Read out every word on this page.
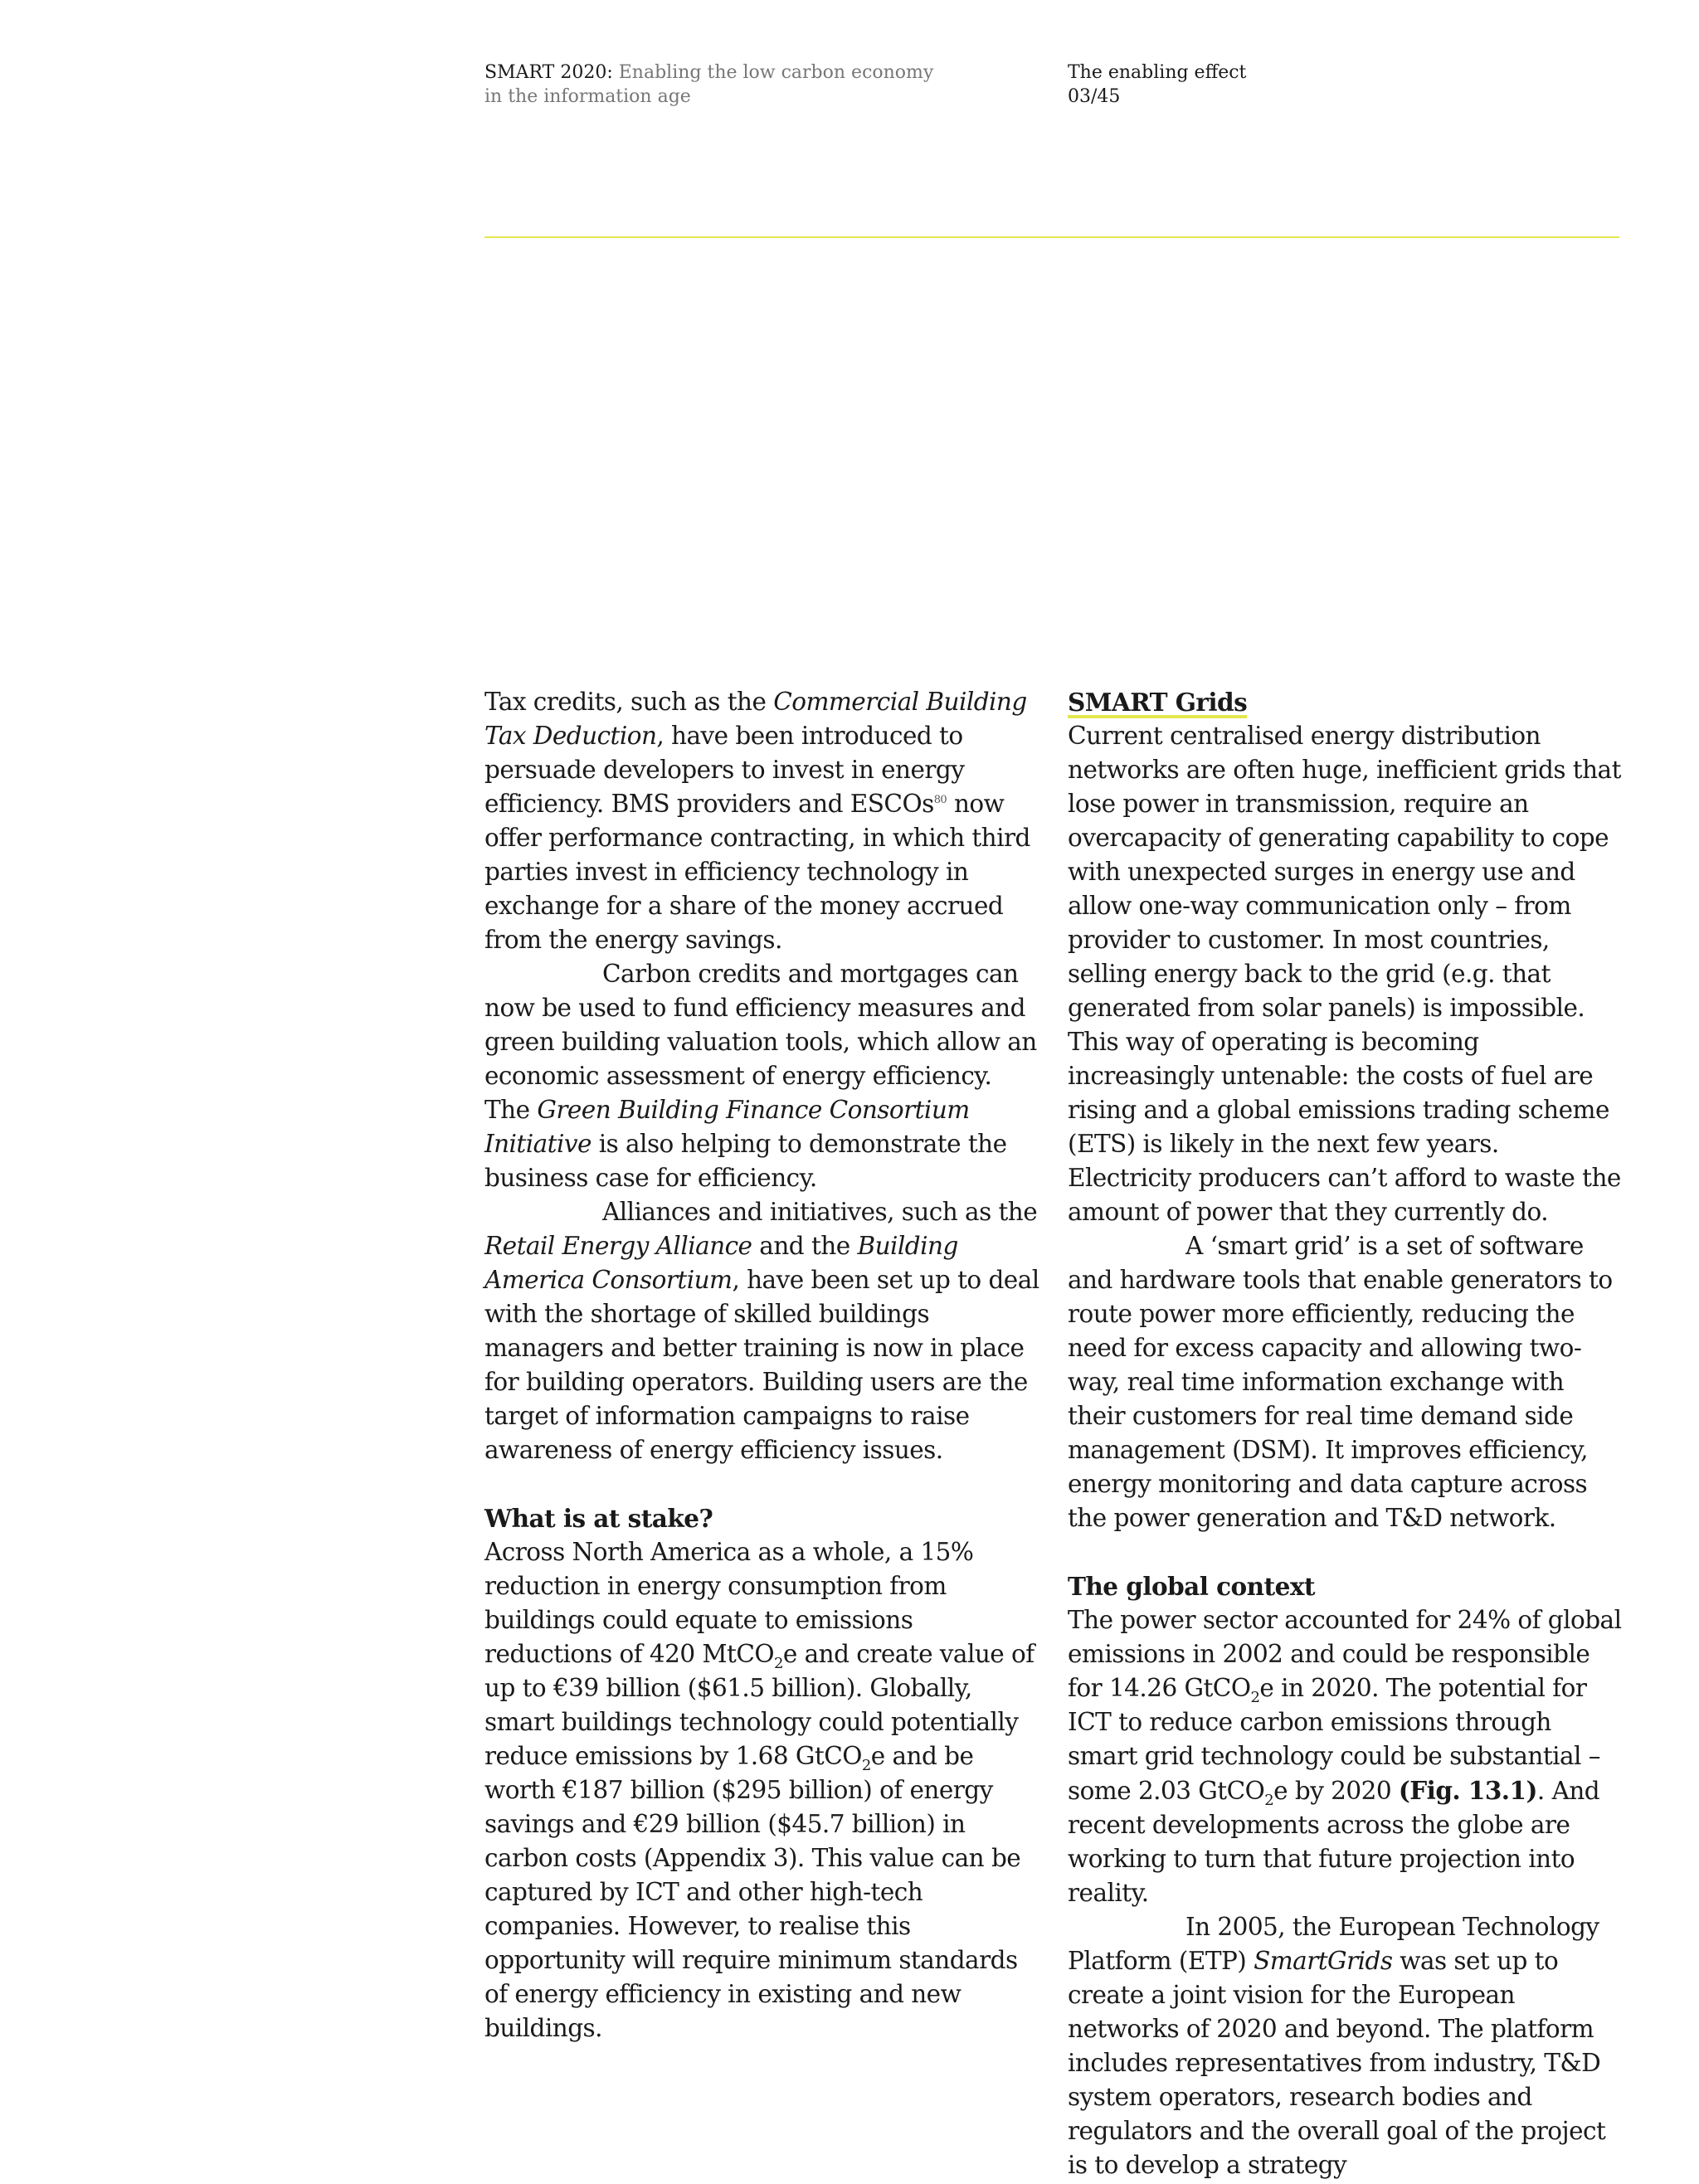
SMART 2020: Enabling the low carbon economy in the information age
The enabling effect
03/45

Tax credits, such as the Commercial Building Tax Deduction, have been introduced to persuade developers to invest in energy efficiency. BMS providers and ESCOs$^{80}$ now offer performance contracting, in which third parties invest in efficiency technology in exchange for a share of the money accrued from the energy savings.

Carbon credits and mortgages can now be used to fund efficiency measures and green building valuation tools, which allow an economic assessment of energy efficiency. The Green Building Finance Consortium Initiative is also helping to demonstrate the business case for efficiency.

Alliances and initiatives, such as the Retail Energy Alliance and the Building America Consortium, have been set up to deal with the shortage of skilled buildings managers and better training is now in place for building operators. Building users are the target of information campaigns to raise awareness of energy efficiency issues.

What is at stake?

Across North America as a whole, a 15% reduction in energy consumption from buildings could equate to emissions reductions of 420 MtCO$_2$e and create value of up to €39 billion ($61.5 billion). Globally, smart buildings technology could potentially reduce emissions by 1.68 GtCO$_2$e and be worth €187 billion ($295 billion) of energy savings and €29 billion ($45.7 billion) in carbon costs (Appendix 3). This value can be captured by ICT and other high-tech companies. However, to realise this opportunity will require minimum standards of energy efficiency in existing and new buildings.

SMART Grids

Current centralised energy distribution networks are often huge, inefficient grids that lose power in transmission, require an overcapacity of generating capability to cope with unexpected surges in energy use and allow one-way communication only – from provider to customer. In most countries, selling energy back to the grid (e.g. that generated from solar panels) is impossible. This way of operating is becoming increasingly untenable: the costs of fuel are rising and a global emissions trading scheme (ETS) is likely in the next few years. Electricity producers can’t afford to waste the amount of power that they currently do.

A ‘smart grid’ is a set of software and hardware tools that enable generators to route power more efficiently, reducing the need for excess capacity and allowing two-way, real time information exchange with their customers for real time demand side management (DSM). It improves efficiency, energy monitoring and data capture across the power generation and T&D network.

The global context

The power sector accounted for 24% of global emissions in 2002 and could be responsible for 14.26 GtCO$_2$e in 2020. The potential for ICT to reduce carbon emissions through smart grid technology could be substantial – some 2.03 GtCO$_2$e by 2020 (Fig. 13.1). And recent developments across the globe are working to turn that future projection into reality.

In 2005, the European Technology Platform (ETP) SmartGrids was set up to create a joint vision for the European networks of 2020 and beyond. The platform includes representatives from industry, T&D system operators, research bodies and regulators and the overall goal of the project is to develop a strategy
